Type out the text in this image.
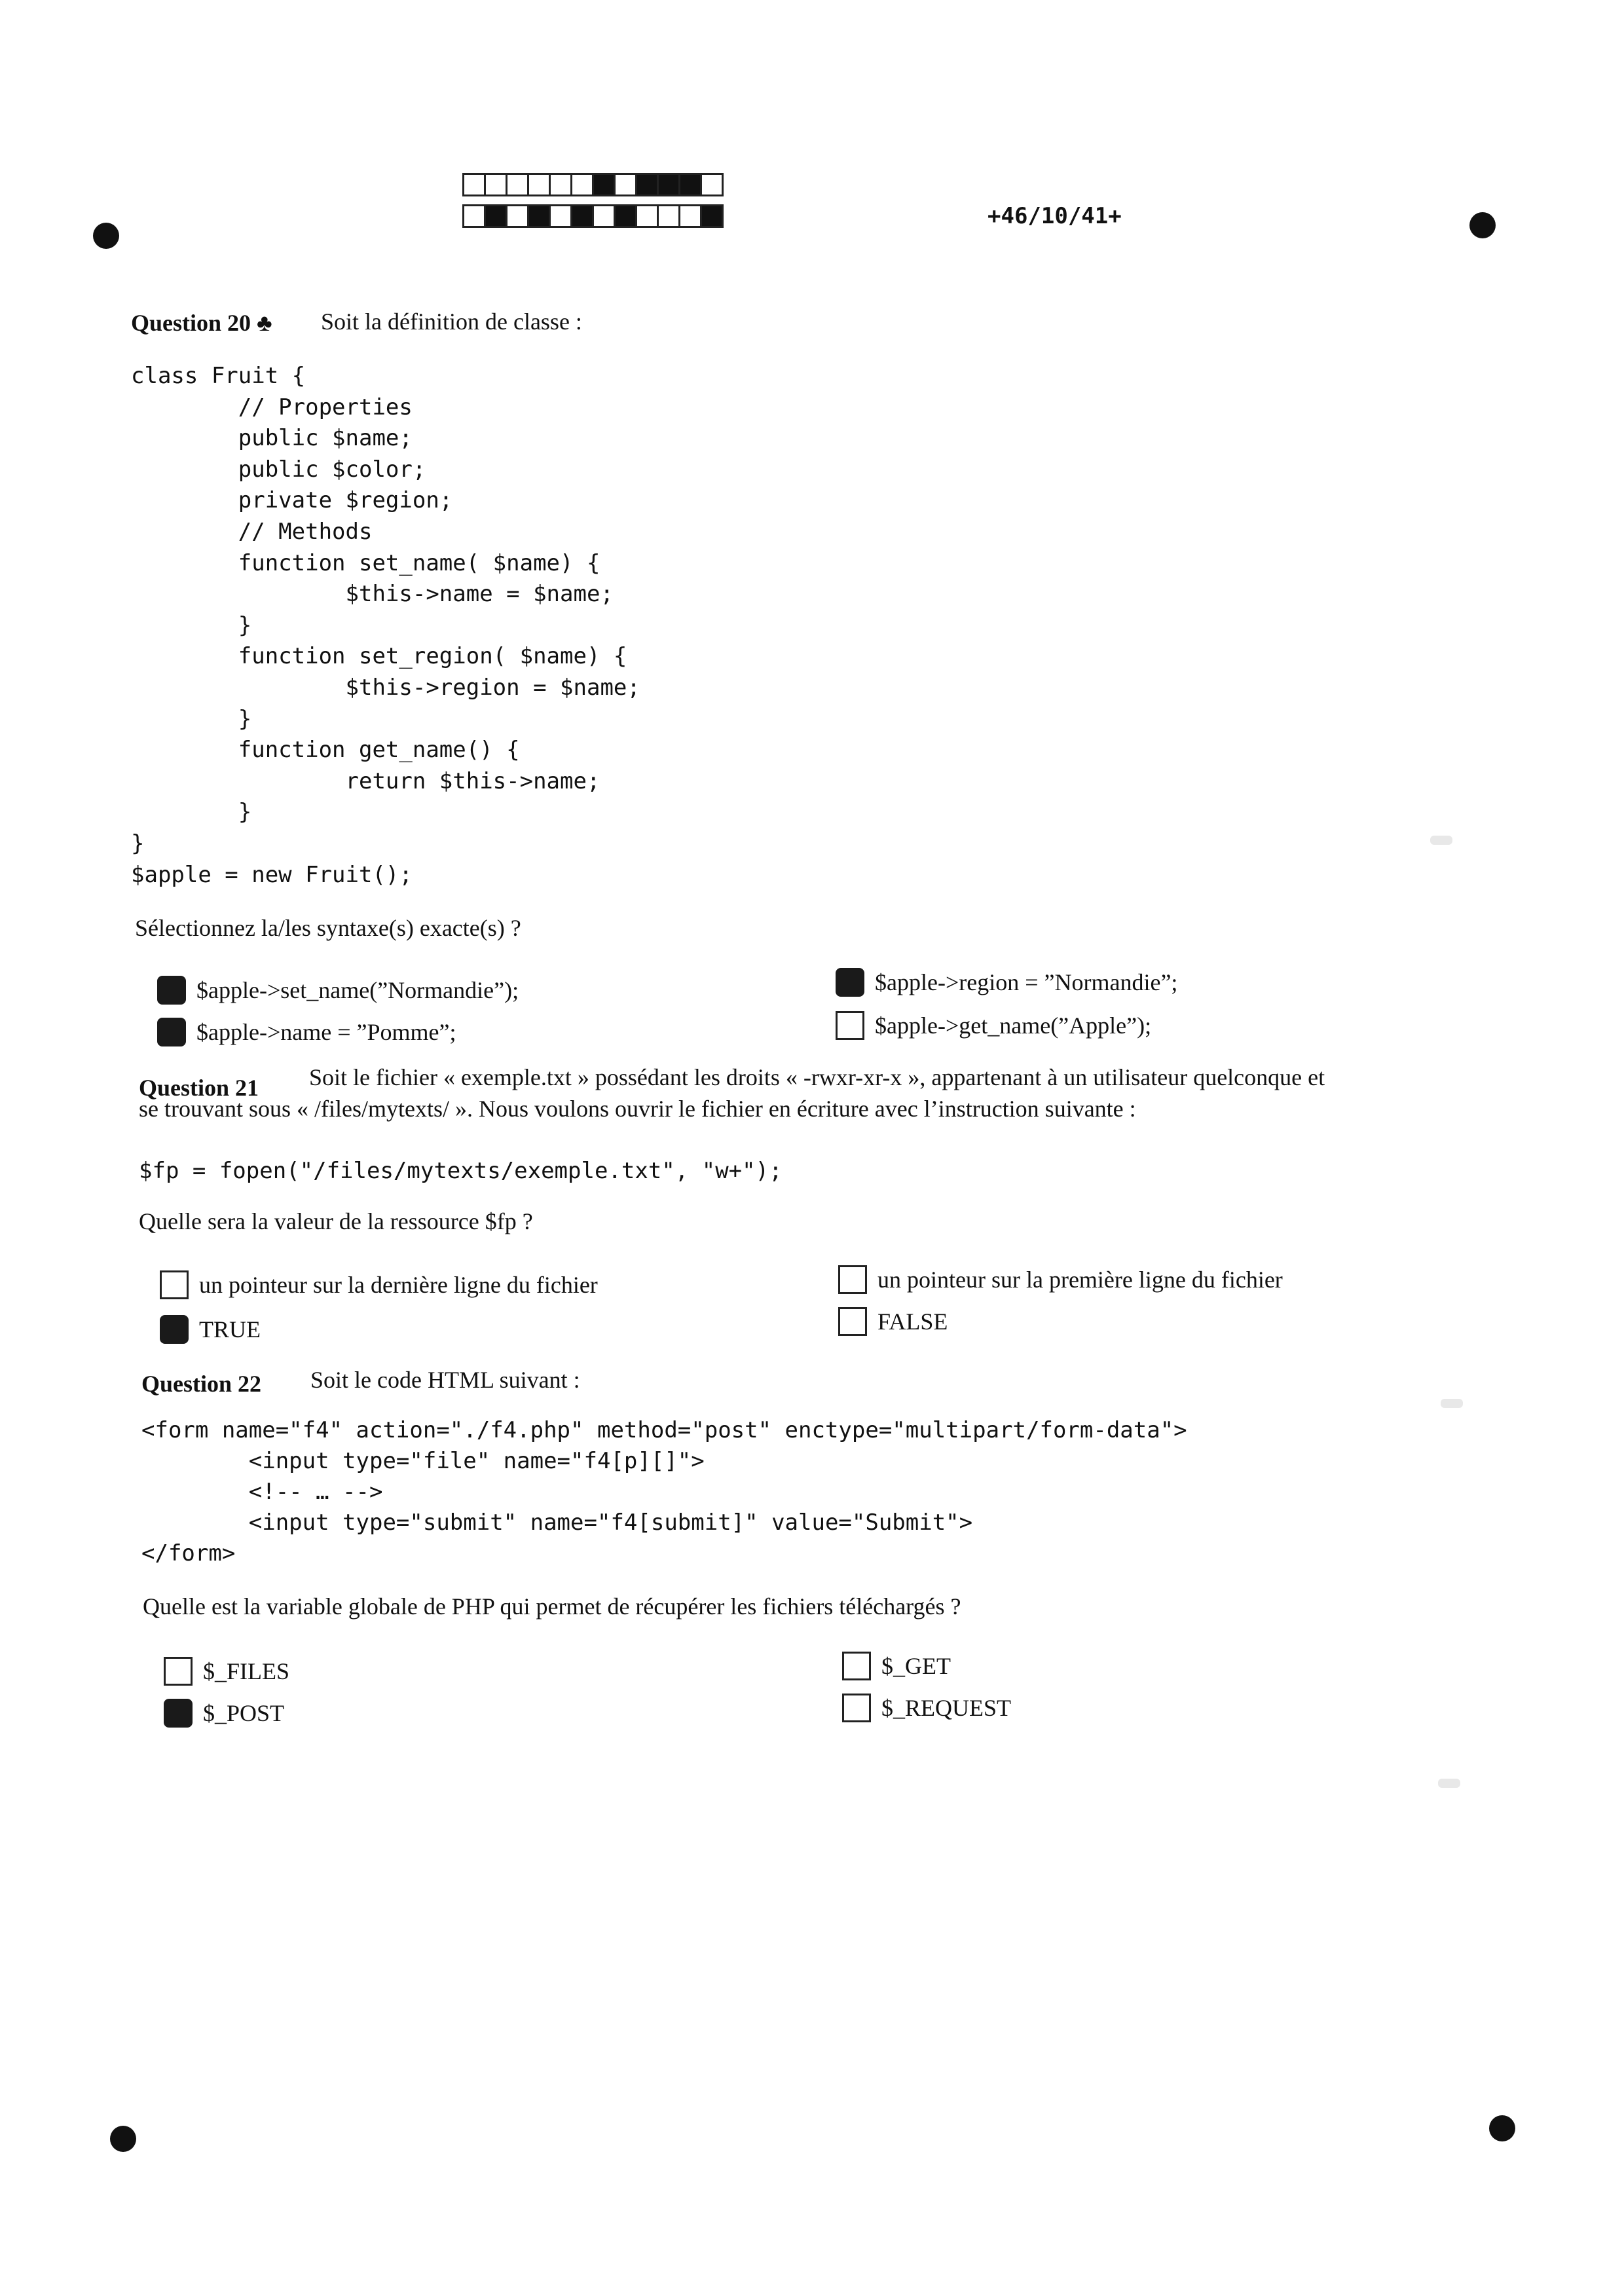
+46/10/41+
Question 20 ♣ Soit la définition de classe :
class Fruit {
// Properties
public $name;
public $color;
private $region;
// Methods
function set_name( $name) {
$this->name = $name;
}
function set_region( $name) {
$this->region = $name;
}
function get_name() {
return $this->name;
}
}
$apple = new Fruit();
Sélectionnez la/les syntaxe(s) exacte(s) ?
$apple->set_name(”Normandie”);
$apple->name = ”Pomme”;
$apple->region = ”Normandie”;
$apple->get_name(”Apple”);
Question 21 Soit le fichier « exemple.txt » possédant les droits « -rwxr-xr-x », appartenant à un utilisateur quelconque et
se trouvant sous « /files/mytexts/ ». Nous voulons ouvrir le fichier en écriture avec l’instruction suivante :
$fp = fopen("/files/mytexts/exemple.txt", "w+");
Quelle sera la valeur de la ressource $fp ?
un pointeur sur la dernière ligne du fichier
TRUE
un pointeur sur la première ligne du fichier
FALSE
Question 22 Soit le code HTML suivant :
<form name="f4" action="./f4.php" method="post" enctype="multipart/form-data">
<input type="file" name="f4[p][]">
<!-- … -->
<input type="submit" name="f4[submit]" value="Submit">
</form>
Quelle est la variable globale de PHP qui permet de récupérer les fichiers téléchargés ?
$_FILES
$_POST
$_GET
$_REQUEST
